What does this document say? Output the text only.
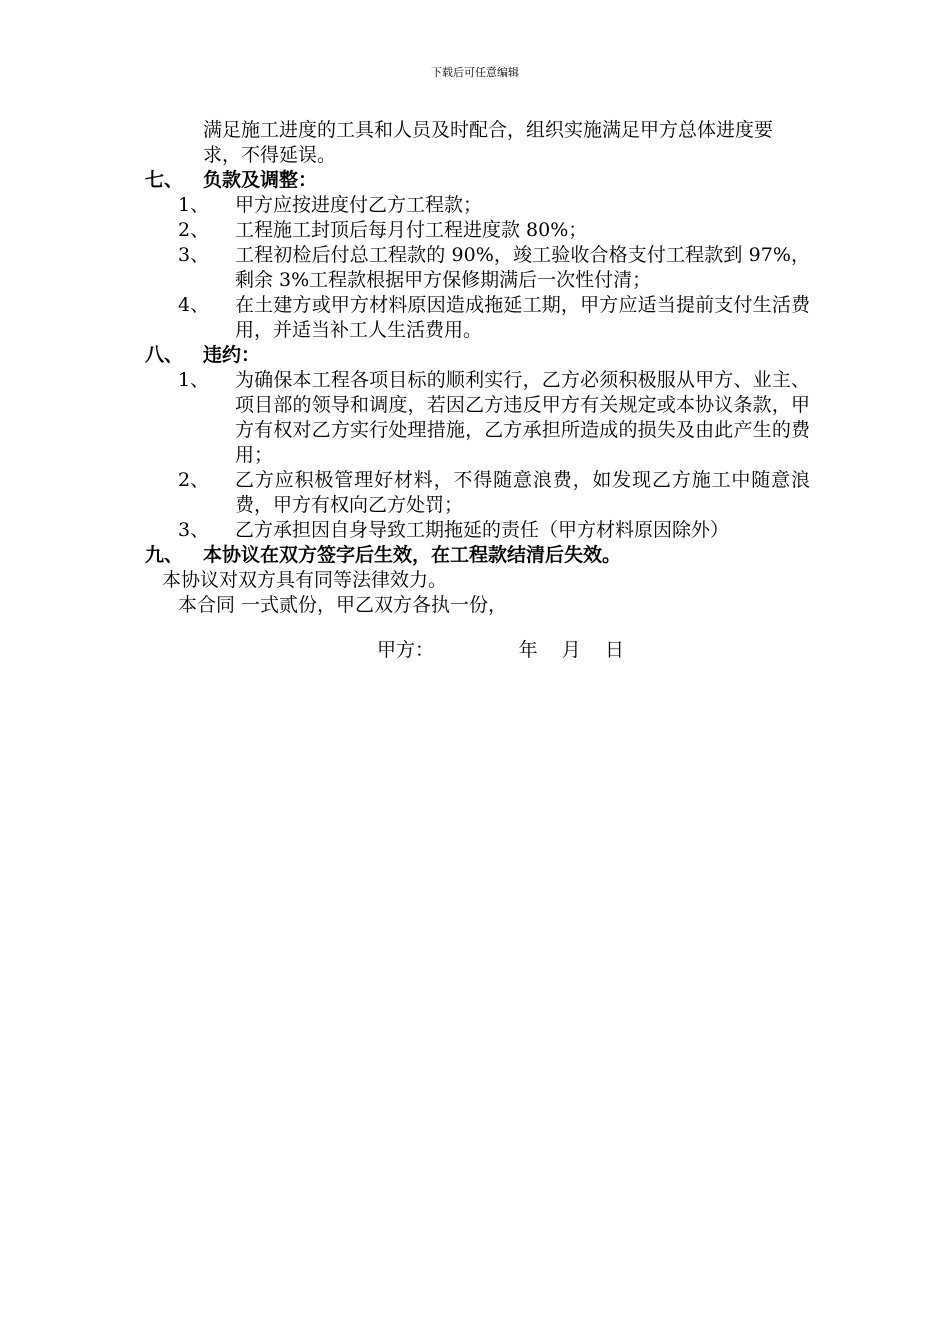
下载后可任意编辑
满足施工进度的工具和人员及时配合，组织实施满足甲方总体进度要求，不得延误。
七、	负款及调整：
1、	甲方应按进度付乙方工程款；
2、	工程施工封顶后每月付工程进度款 80%；
3、	工程初检后付总工程款的 90%，竣工验收合格支付工程款到 97%，剩余 3%工程款根据甲方保修期满后一次性付清；
4、	在土建方或甲方材料原因造成拖延工期，甲方应适当提前支付生活费用，并适当补工人生活费用。
八、	违约：
1、	为确保本工程各项目标的顺利实行，乙方必须积极服从甲方、业主、项目部的领导和调度，若因乙方违反甲方有关规定或本协议条款，甲方有权对乙方实行处理措施，乙方承担所造成的损失及由此产生的费用；
2、	乙方应积极管理好材料，不得随意浪费，如发现乙方施工中随意浪费，甲方有权向乙方处罚；
3、	乙方承担因自身导致工期拖延的责任（甲方材料原因除外）
九、	本协议在双方签字后生效，在工程款结清后失效。
本协议对双方具有同等法律效力。
本合同 一式贰份，甲乙双方各执一份，
甲方：	年 月 日
